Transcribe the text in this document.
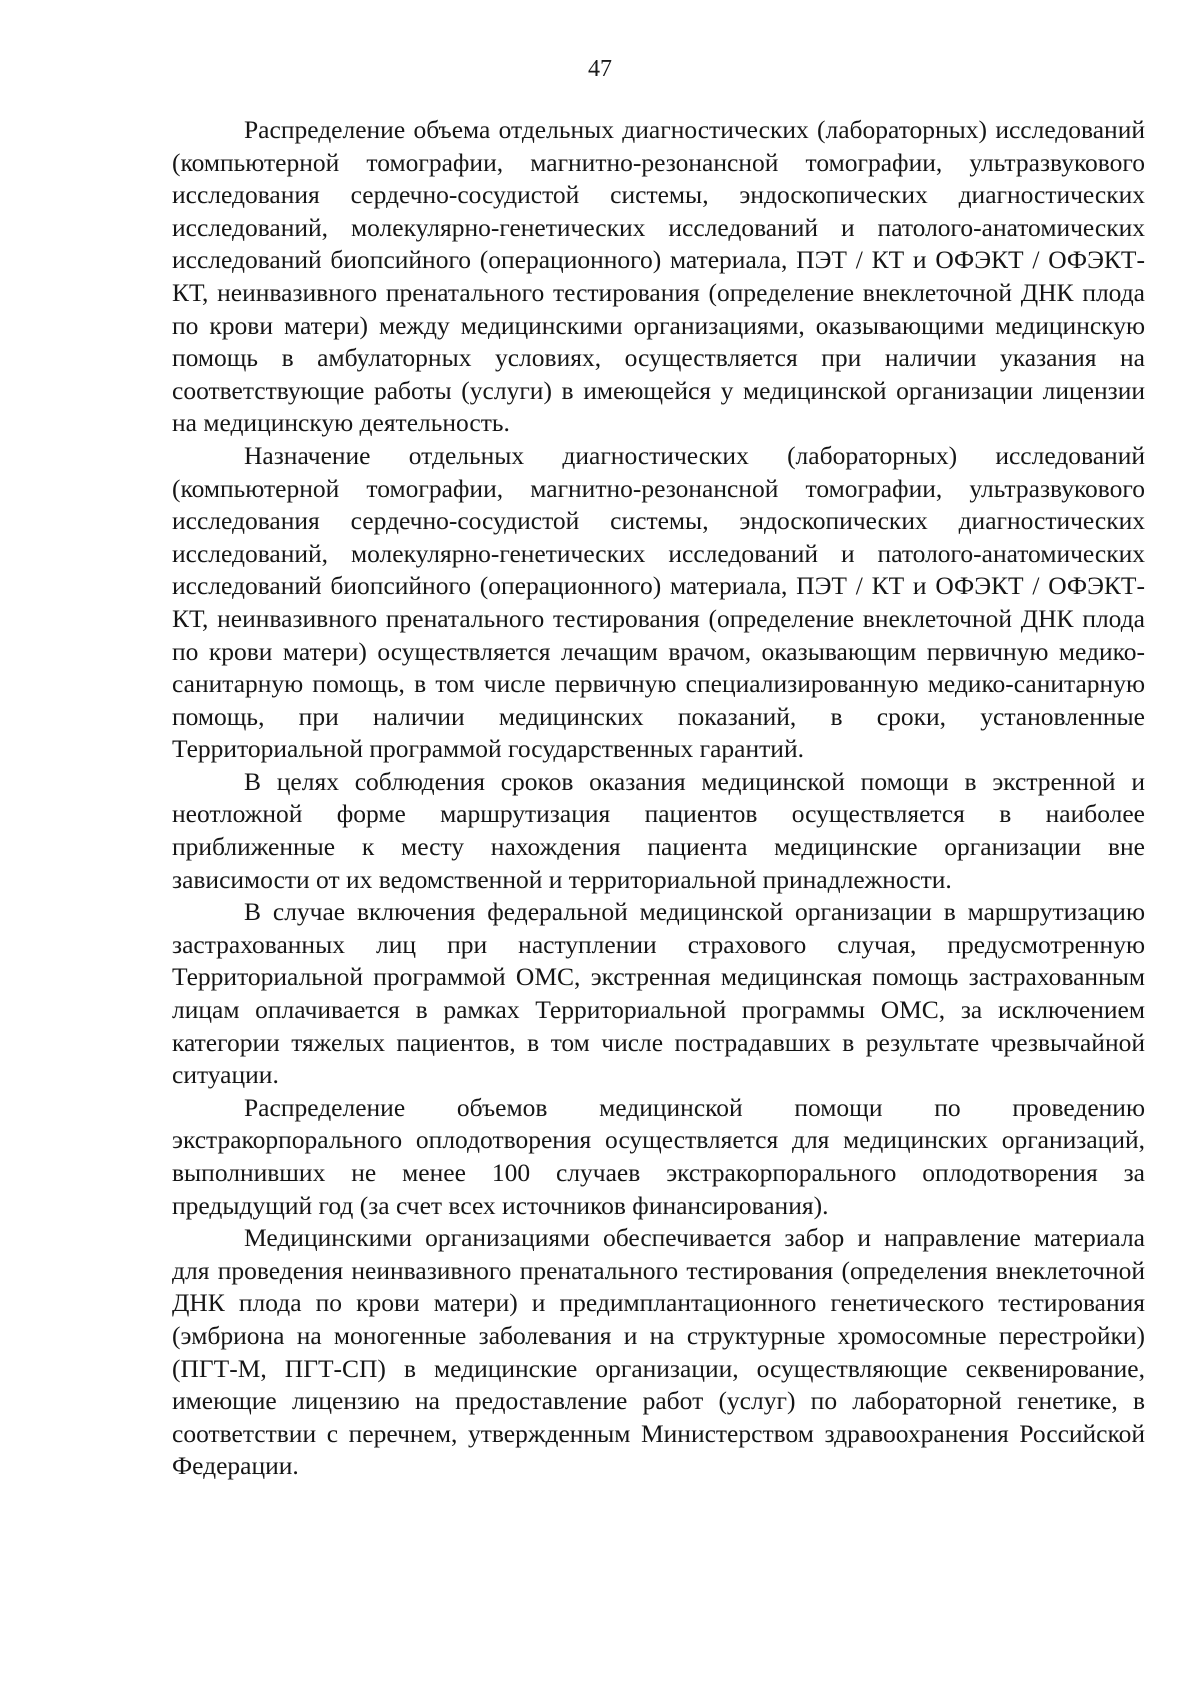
47

Распределение объема отдельных диагностических (лабораторных) исследований (компьютерной томографии, магнитно-резонансной томографии, ультразвукового исследования сердечно-сосудистой системы, эндоскопических диагностических исследований, молекулярно-генетических исследований и патолого-анатомических исследований биопсийного (операционного) материала, ПЭТ / КТ и ОФЭКТ / ОФЭКТ-КТ, неинвазивного пренатального тестирования (определение внеклеточной ДНК плода по крови матери) между медицинскими организациями, оказывающими медицинскую помощь в амбулаторных условиях, осуществляется при наличии указания на соответствующие работы (услуги) в имеющейся у медицинской организации лицензии на медицинскую деятельность.

Назначение отдельных диагностических (лабораторных) исследований (компьютерной томографии, магнитно-резонансной томографии, ультразвукового исследования сердечно-сосудистой системы, эндоскопических диагностических исследований, молекулярно-генетических исследований и патолого-анатомических исследований биопсийного (операционного) материала, ПЭТ / КТ и ОФЭКТ / ОФЭКТ-КТ, неинвазивного пренатального тестирования (определение внеклеточной ДНК плода по крови матери) осуществляется лечащим врачом, оказывающим первичную медико-санитарную помощь, в том числе первичную специализированную медико-санитарную помощь, при наличии медицинских показаний, в сроки, установленные Территориальной программой государственных гарантий.

В целях соблюдения сроков оказания медицинской помощи в экстренной и неотложной форме маршрутизация пациентов осуществляется в наиболее приближенные к месту нахождения пациента медицинские организации вне зависимости от их ведомственной и территориальной принадлежности.

В случае включения федеральной медицинской организации в маршрутизацию застрахованных лиц при наступлении страхового случая, предусмотренную Территориальной программой ОМС, экстренная медицинская помощь застрахованным лицам оплачивается в рамках Территориальной программы ОМС, за исключением категории тяжелых пациентов, в том числе пострадавших в результате чрезвычайной ситуации.

Распределение объемов медицинской помощи по проведению экстракорпорального оплодотворения осуществляется для медицинских организаций, выполнивших не менее 100 случаев экстракорпорального оплодотворения за предыдущий год (за счет всех источников финансирования).

Медицинскими организациями обеспечивается забор и направление материала для проведения неинвазивного пренатального тестирования (определения внеклеточной ДНК плода по крови матери) и предимплантационного генетического тестирования (эмбриона на моногенные заболевания и на структурные хромосомные перестройки) (ПГТ-М, ПГТ-СП) в медицинские организации, осуществляющие секвенирование, имеющие лицензию на предоставление работ (услуг) по лабораторной генетике, в соответствии с перечнем, утвержденным Министерством здравоохранения Российской Федерации.
